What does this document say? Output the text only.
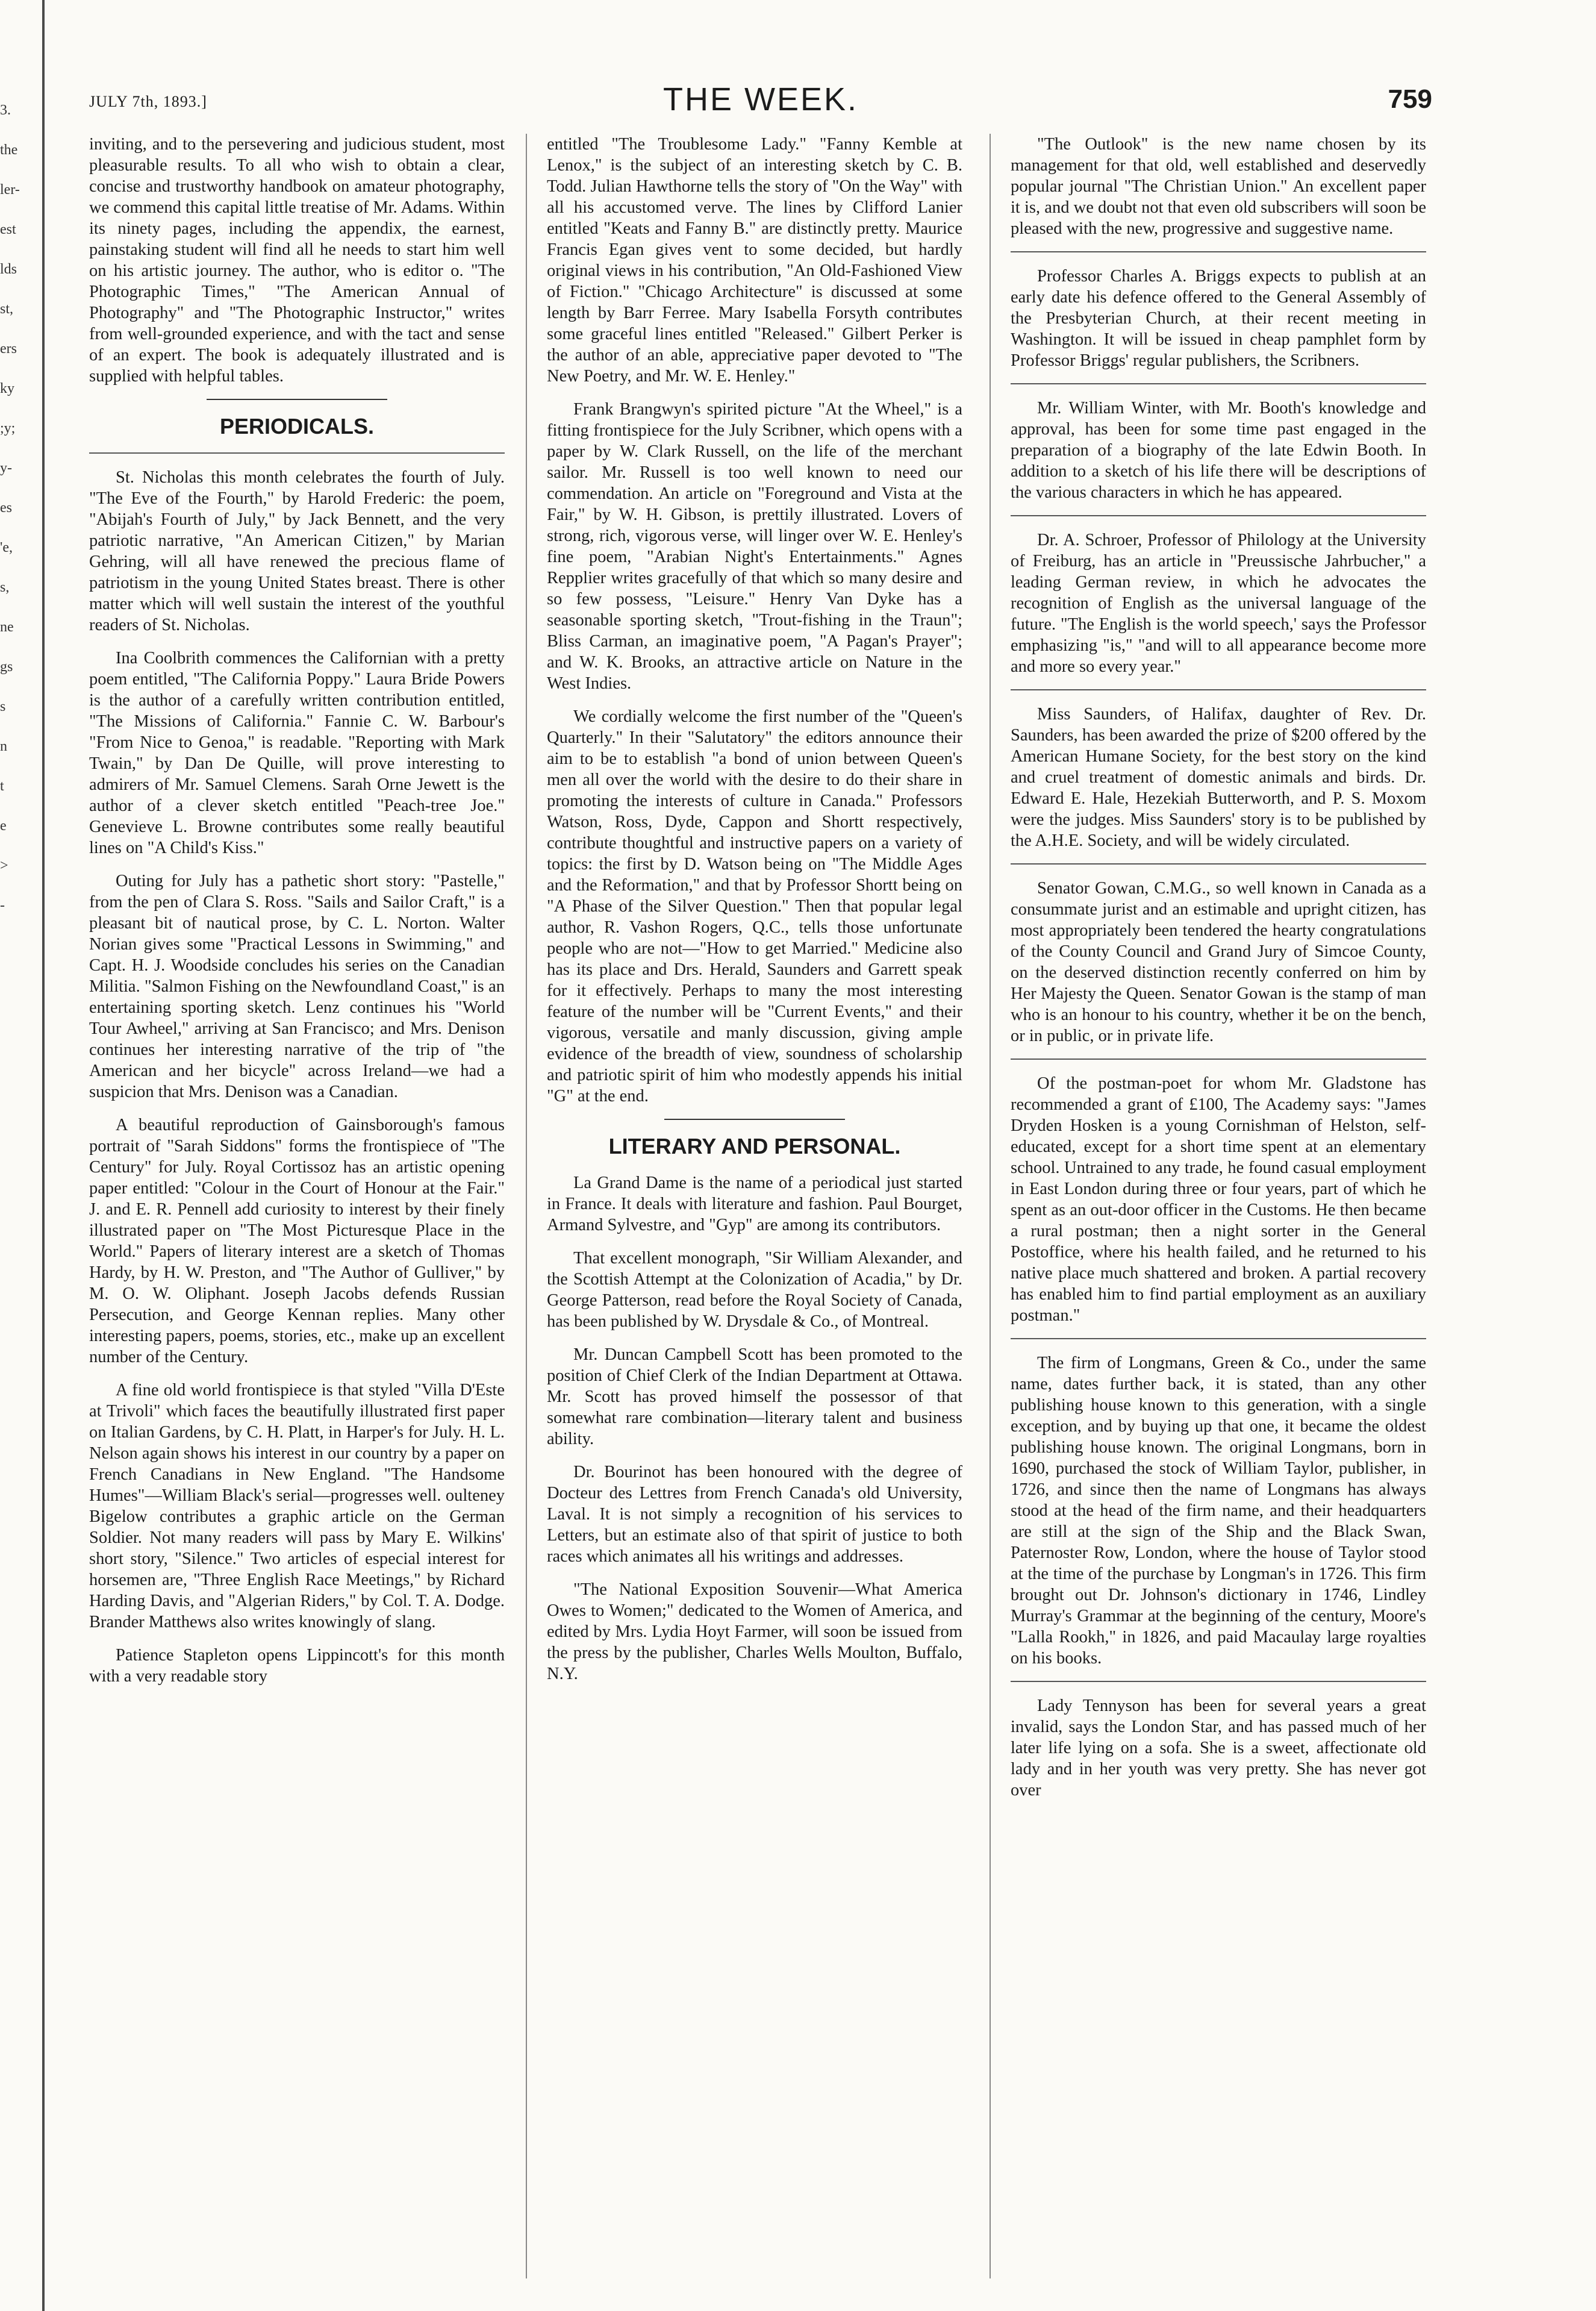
3.
the
ler-
est
lds
st,
ers
ky
;y;
y-
es
'e,
s,
ne
gs
s
n
t
e
>
-
JULY 7th, 1893.]	THE WEEK.	759

inviting, and to the persevering and judicious student, most pleasurable results. To all who wish to obtain a clear, concise and trustworthy handbook on amateur photography, we commend this capital little treatise of Mr. Adams. Within its ninety pages, including the appendix, the earnest, painstaking student will find all he needs to start him well on his artistic journey. The author, who is editor o. "The Photographic Times," "The American Annual of Photography" and "The Photographic Instructor," writes from well-grounded experience, and with the tact and sense of an expert. The book is adequately illustrated and is supplied with helpful tables.

PERIODICALS.

St. Nicholas this month celebrates the fourth of July. "The Eve of the Fourth," by Harold Frederic: the poem, "Abijah's Fourth of July," by Jack Bennett, and the very patriotic narrative, "An American Citizen," by Marian Gehring, will all have renewed the precious flame of patriotism in the young United States breast. There is other matter which will well sustain the interest of the youthful readers of St. Nicholas.

Ina Coolbrith commences the Californian with a pretty poem entitled, "The California Poppy." Laura Bride Powers is the author of a carefully written contribution entitled, "The Missions of California." Fannie C. W. Barbour's "From Nice to Genoa," is readable. "Reporting with Mark Twain," by Dan De Quille, will prove interesting to admirers of Mr. Samuel Clemens. Sarah Orne Jewett is the author of a clever sketch entitled "Peach-tree Joe." Genevieve L. Browne contributes some really beautiful lines on "A Child's Kiss."

Outing for July has a pathetic short story: "Pastelle," from the pen of Clara S. Ross. "Sails and Sailor Craft," is a pleasant bit of nautical prose, by C. L. Norton. Walter Norian gives some "Practical Lessons in Swimming," and Capt. H. J. Woodside concludes his series on the Canadian Militia. "Salmon Fishing on the Newfoundland Coast," is an entertaining sporting sketch. Lenz continues his "World Tour Awheel," arriving at San Francisco; and Mrs. Denison continues her interesting narrative of the trip of "the American and her bicycle" across Ireland—we had a suspicion that Mrs. Denison was a Canadian.

A beautiful reproduction of Gainsborough's famous portrait of "Sarah Siddons" forms the frontispiece of "The Century" for July. Royal Cortissoz has an artistic opening paper entitled: "Colour in the Court of Honour at the Fair." J. and E. R. Pennell add curiosity to interest by their finely illustrated paper on "The Most Picturesque Place in the World." Papers of literary interest are a sketch of Thomas Hardy, by H. W. Preston, and "The Author of Gulliver," by M. O. W. Oliphant. Joseph Jacobs defends Russian Persecution, and George Kennan replies. Many other interesting papers, poems, stories, etc., make up an excellent number of the Century.

A fine old world frontispiece is that styled "Villa D'Este at Trivoli" which faces the beautifully illustrated first paper on Italian Gardens, by C. H. Platt, in Harper's for July. H. L. Nelson again shows his interest in our country by a paper on French Canadians in New England. "The Handsome Humes"—William Black's serial—progresses well. oulteney Bigelow contributes a graphic article on the German Soldier. Not many readers will pass by Mary E. Wilkins' short story, "Silence." Two articles of especial interest for horsemen are, "Three English Race Meetings," by Richard Harding Davis, and "Algerian Riders," by Col. T. A. Dodge. Brander Matthews also writes knowingly of slang.

Patience Stapleton opens Lippincott's for this month with a very readable story

entitled "The Troublesome Lady." "Fanny Kemble at Lenox," is the subject of an interesting sketch by C. B. Todd. Julian Hawthorne tells the story of "On the Way" with all his accustomed verve. The lines by Clifford Lanier entitled "Keats and Fanny B." are distinctly pretty. Maurice Francis Egan gives vent to some decided, but hardly original views in his contribution, "An Old-Fashioned View of Fiction." "Chicago Architecture" is discussed at some length by Barr Ferree. Mary Isabella Forsyth contributes some graceful lines entitled "Released." Gilbert Perker is the author of an able, appreciative paper devoted to "The New Poetry, and Mr. W. E. Henley."

Frank Brangwyn's spirited picture "At the Wheel," is a fitting frontispiece for the July Scribner, which opens with a paper by W. Clark Russell, on the life of the merchant sailor. Mr. Russell is too well known to need our commendation. An article on "Foreground and Vista at the Fair," by W. H. Gibson, is prettily illustrated. Lovers of strong, rich, vigorous verse, will linger over W. E. Henley's fine poem, "Arabian Night's Entertainments." Agnes Repplier writes gracefully of that which so many desire and so few possess, "Leisure." Henry Van Dyke has a seasonable sporting sketch, "Trout-fishing in the Traun"; Bliss Carman, an imaginative poem, "A Pagan's Prayer"; and W. K. Brooks, an attractive article on Nature in the West Indies.

We cordially welcome the first number of the "Queen's Quarterly." In their "Salutatory" the editors announce their aim to be to establish "a bond of union between Queen's men all over the world with the desire to do their share in promoting the interests of culture in Canada." Professors Watson, Ross, Dyde, Cappon and Shortt respectively, contribute thoughtful and instructive papers on a variety of topics: the first by D. Watson being on "The Middle Ages and the Reformation," and that by Professor Shortt being on "A Phase of the Silver Question." Then that popular legal author, R. Vashon Rogers, Q.C., tells those unfortunate people who are not—"How to get Married." Medicine also has its place and Drs. Herald, Saunders and Garrett speak for it effectively. Perhaps to many the most interesting feature of the number will be "Current Events," and their vigorous, versatile and manly discussion, giving ample evidence of the breadth of view, soundness of scholarship and patriotic spirit of him who modestly appends his initial "G" at the end.

LITERARY AND PERSONAL.

La Grand Dame is the name of a periodical just started in France. It deals with literature and fashion. Paul Bourget, Armand Sylvestre, and "Gyp" are among its contributors.

That excellent monograph, "Sir William Alexander, and the Scottish Attempt at the Colonization of Acadia," by Dr. George Patterson, read before the Royal Society of Canada, has been published by W. Drysdale & Co., of Montreal.

Mr. Duncan Campbell Scott has been promoted to the position of Chief Clerk of the Indian Department at Ottawa. Mr. Scott has proved himself the possessor of that somewhat rare combination—literary talent and business ability.

Dr. Bourinot has been honoured with the degree of Docteur des Lettres from French Canada's old University, Laval. It is not simply a recognition of his services to Letters, but an estimate also of that spirit of justice to both races which animates all his writings and addresses.

"The National Exposition Souvenir—What America Owes to Women;" dedicated to the Women of America, and edited by Mrs. Lydia Hoyt Farmer, will soon be issued from the press by the publisher, Charles Wells Moulton, Buffalo, N.Y.

"The Outlook" is the new name chosen by its management for that old, well established and deservedly popular journal "The Christian Union." An excellent paper it is, and we doubt not that even old subscribers will soon be pleased with the new, progressive and suggestive name.

Professor Charles A. Briggs expects to publish at an early date his defence offered to the General Assembly of the Presbyterian Church, at their recent meeting in Washington. It will be issued in cheap pamphlet form by Professor Briggs' regular publishers, the Scribners.

Mr. William Winter, with Mr. Booth's knowledge and approval, has been for some time past engaged in the preparation of a biography of the late Edwin Booth. In addition to a sketch of his life there will be descriptions of the various characters in which he has appeared.

Dr. A. Schroer, Professor of Philology at the University of Freiburg, has an article in "Preussische Jahrbucher," a leading German review, in which he advocates the recognition of English as the universal language of the future. "The English is the world speech,' says the Professor emphasizing "is," "and will to all appearance become more and more so every year."

Miss Saunders, of Halifax, daughter of Rev. Dr. Saunders, has been awarded the prize of $200 offered by the American Humane Society, for the best story on the kind and cruel treatment of domestic animals and birds. Dr. Edward E. Hale, Hezekiah Butterworth, and P. S. Moxom were the judges. Miss Saunders' story is to be published by the A.H.E. Society, and will be widely circulated.

Senator Gowan, C.M.G., so well known in Canada as a consummate jurist and an estimable and upright citizen, has most appropriately been tendered the hearty congratulations of the County Council and Grand Jury of Simcoe County, on the deserved distinction recently conferred on him by Her Majesty the Queen. Senator Gowan is the stamp of man who is an honour to his country, whether it be on the bench, or in public, or in private life.

Of the postman-poet for whom Mr. Gladstone has recommended a grant of £100, The Academy says: "James Dryden Hosken is a young Cornishman of Helston, self-educated, except for a short time spent at an elementary school. Untrained to any trade, he found casual employment in East London during three or four years, part of which he spent as an out-door officer in the Customs. He then became a rural postman; then a night sorter in the General Postoffice, where his health failed, and he returned to his native place much shattered and broken. A partial recovery has enabled him to find partial employment as an auxiliary postman."

The firm of Longmans, Green & Co., under the same name, dates further back, it is stated, than any other publishing house known to this generation, with a single exception, and by buying up that one, it became the oldest publishing house known. The original Longmans, born in 1690, purchased the stock of William Taylor, publisher, in 1726, and since then the name of Longmans has always stood at the head of the firm name, and their headquarters are still at the sign of the Ship and the Black Swan, Paternoster Row, London, where the house of Taylor stood at the time of the purchase by Longman's in 1726. This firm brought out Dr. Johnson's dictionary in 1746, Lindley Murray's Grammar at the beginning of the century, Moore's "Lalla Rookh," in 1826, and paid Macaulay large royalties on his books.

Lady Tennyson has been for several years a great invalid, says the London Star, and has passed much of her later life lying on a sofa. She is a sweet, affectionate old lady and in her youth was very pretty. She has never got over
